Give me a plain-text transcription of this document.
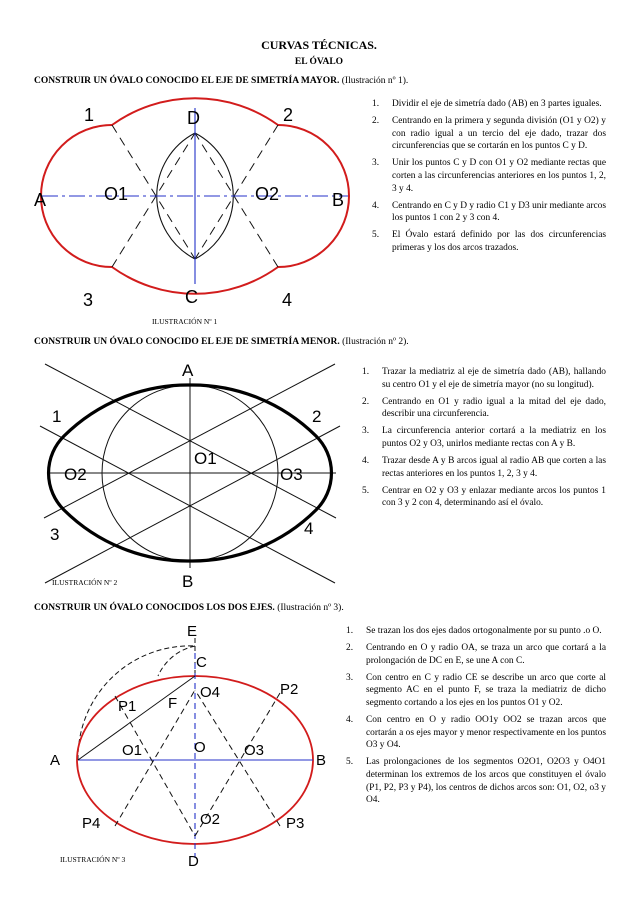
CURVAS TÉCNICAS.
EL ÓVALO
CONSTRUIR UN ÓVALO CONOCIDO EL EJE DE SIMETRÍA MAYOR. (Ilustración nº 1).
1	D	2
A	O1	O2	B
3	C	4
ILUSTRACIÓN Nº 1
1. Dividir el eje de simetría dado (AB) en 3 partes iguales.
2. Centrando en la primera y segunda división (O1 y O2) y con radio igual a un tercio del eje dado, trazar dos circunferencias que se cortarán en los puntos C y D.
3. Unir los puntos C y D con O1 y O2 mediante rectas que corten a las circunferencias anteriores en los puntos 1, 2, 3 y 4.
4. Centrando en C y D y radio C1 y D3 unir mediante arcos los puntos 1 con 2 y 3 con 4.
5. El Óvalo estará definido por las dos circunferencias primeras y los dos arcos trazados.
CONSTRUIR UN ÓVALO CONOCIDO EL EJE DE SIMETRÍA MENOR. (Ilustración nº 2).
A
1	2
O1
O2	O3
3	4
B
ILUSTRACIÓN Nº 2
1. Trazar la mediatriz al eje de simetría dado (AB), hallando su centro O1 y el eje de simetría mayor (no su longitud).
2. Centrando en O1 y radio igual a la mitad del eje dado, describir una circunferencia.
3. La circunferencia anterior cortará a la mediatriz en los puntos O2 y O3, unirlos mediante rectas con A y B.
4. Trazar desde A y B arcos igual al radio AB que corten a las rectas anteriores en los puntos 1, 2, 3 y 4.
5. Centrar en O2 y O3 y enlazar mediante arcos los puntos 1 con 3 y 2 con 4, determinando así el óvalo.
CONSTRUIR UN ÓVALO CONOCIDOS LOS DOS EJES. (Ilustración nº 3).
E
C
F
P1
O4	P2
A
O1	O	O3
B
P4	O2	P3
D
ILUSTRACIÓN Nº 3
1. Se trazan los dos ejes dados ortogonalmente por su punto .o O.
2. Centrando en O y radio OA, se traza un arco que cortará a la prolongación de DC en E, se une A con C.
3. Con centro en C y radio CE se describe un arco que corte al segmento AC en el punto F, se traza la mediatriz de dicho segmento cortando a los ejes en los puntos O1 y O2.
4. Con centro en O y radio OO1y OO2 se trazan arcos que cortarán a os ejes mayor y menor respectivamente en los puntos O3 y O4.
5. Las prolongaciones de los segmentos O2O1, O2O3 y O4O1 determinan los extremos de los arcos que constituyen el óvalo (P1, P2, P3 y P4), los centros de dichos arcos son: O1, O2, o3 y O4.
